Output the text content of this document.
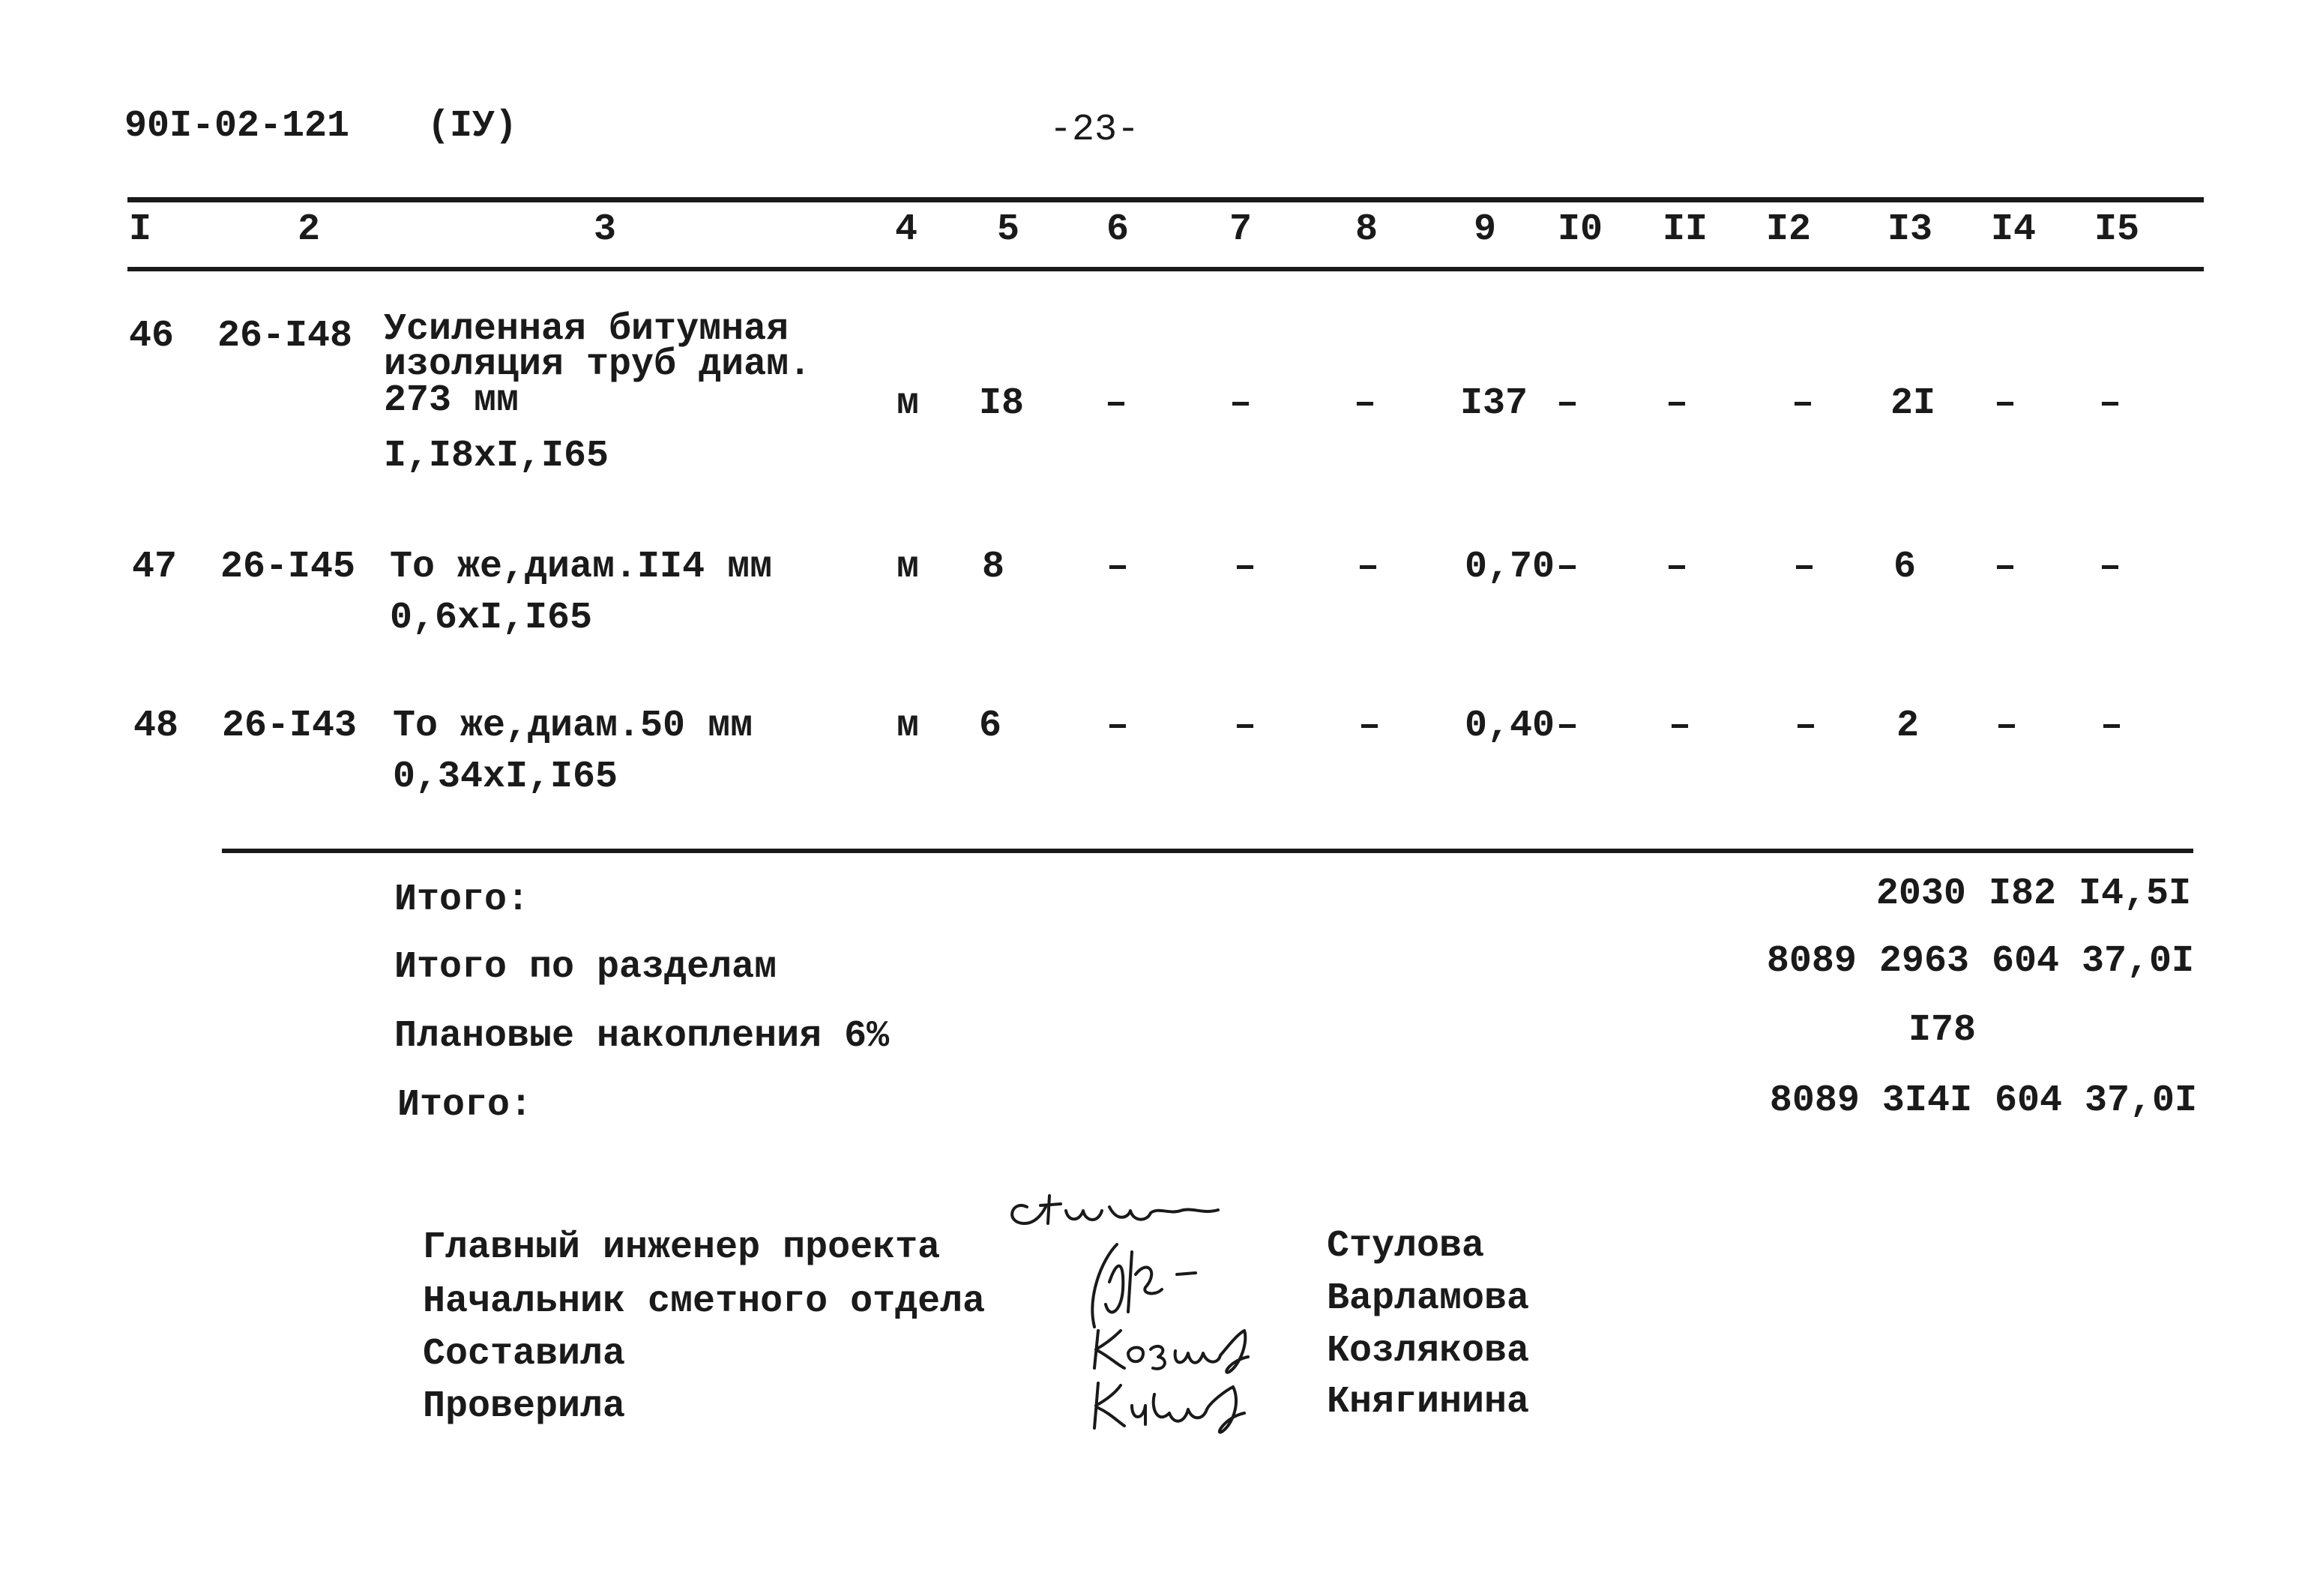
90I-02-121 (IУ)	-23-
I	2	3	4 5 6	7	8	9 I0 II I2 I3 I4 I5
46 26-I48 Усиленная битумная
изоляция труб диам.
273 мм
I,I8xI,I65
м I8 –	–	– I37 – –	– 2I – –
47 26-I45 То же,диам.II4 мм
0,6xI,I65
м 8	–	–	– 0,70 – –	– 6 – –
48 26-I43 То же,диам.50 мм
0,34xI,I65
м 6	–	–	– 0,40 – –	– 2 – –
Итого:	2030 I82 I4,5I
Итого по разделам	8089 2963 604 37,0I
Плановые накопления 6%	I78
Итого:	8089 3I4I 604 37,0I
Главный инженер проекта	Стулова
Начальник сметного отдела	Варламова
Составила	Козлякова
Проверила	Княгинина
